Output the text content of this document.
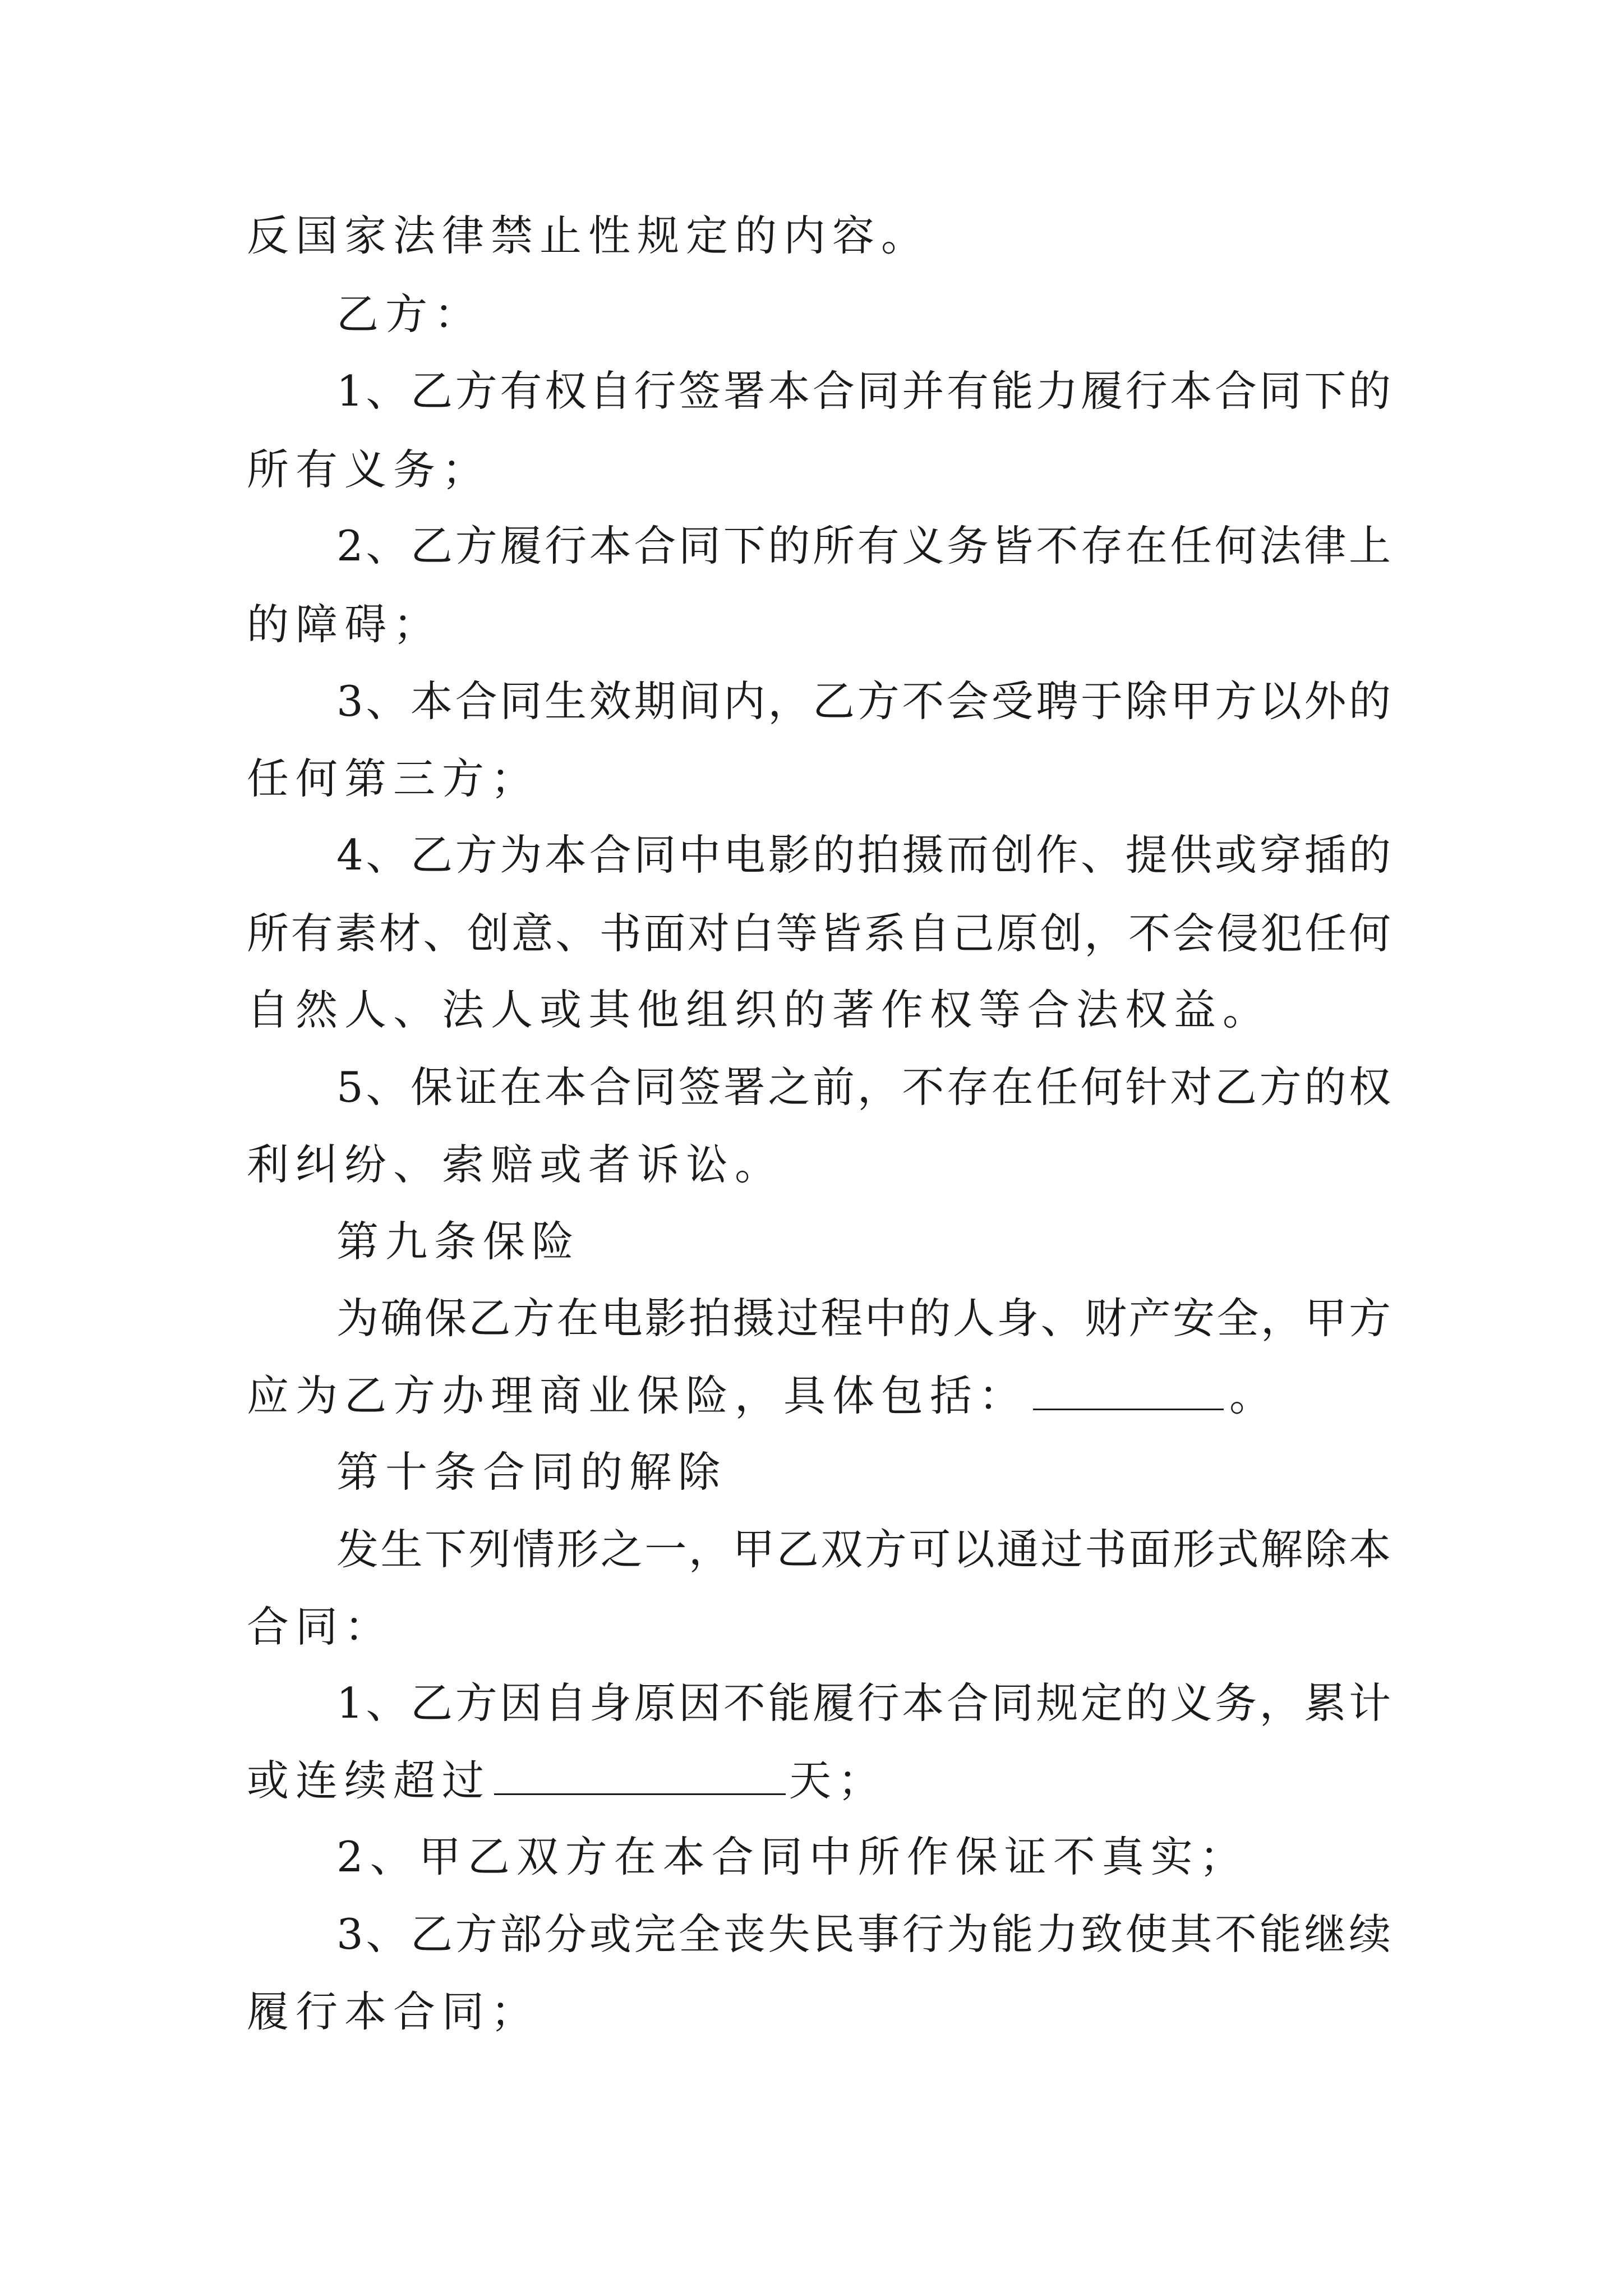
反国家法律禁止性规定的内容。
乙方：
1、乙方有权自行签署本合同并有能力履行本合同下的
所有义务；
2、乙方履行本合同下的所有义务皆不存在任何法律上
的障碍；
3、本合同生效期间内，乙方不会受聘于除甲方以外的
任何第三方；
4、乙方为本合同中电影的拍摄而创作、提供或穿插的
所有素材、创意、书面对白等皆系自己原创，不会侵犯任何
自然人、法人或其他组织的著作权等合法权益。
5、保证在本合同签署之前，不存在任何针对乙方的权
利纠纷、索赔或者诉讼。
第九条保险
为确保乙方在电影拍摄过程中的人身、财产安全，甲方
应为乙方办理商业保险，具体包括：	。
第十条合同的解除
发生下列情形之一，甲乙双方可以通过书面形式解除本
合同：
1、乙方因自身原因不能履行本合同规定的义务，累计
或连续超过	天；
2、甲乙双方在本合同中所作保证不真实；
3、乙方部分或完全丧失民事行为能力致使其不能继续
履行本合同；
